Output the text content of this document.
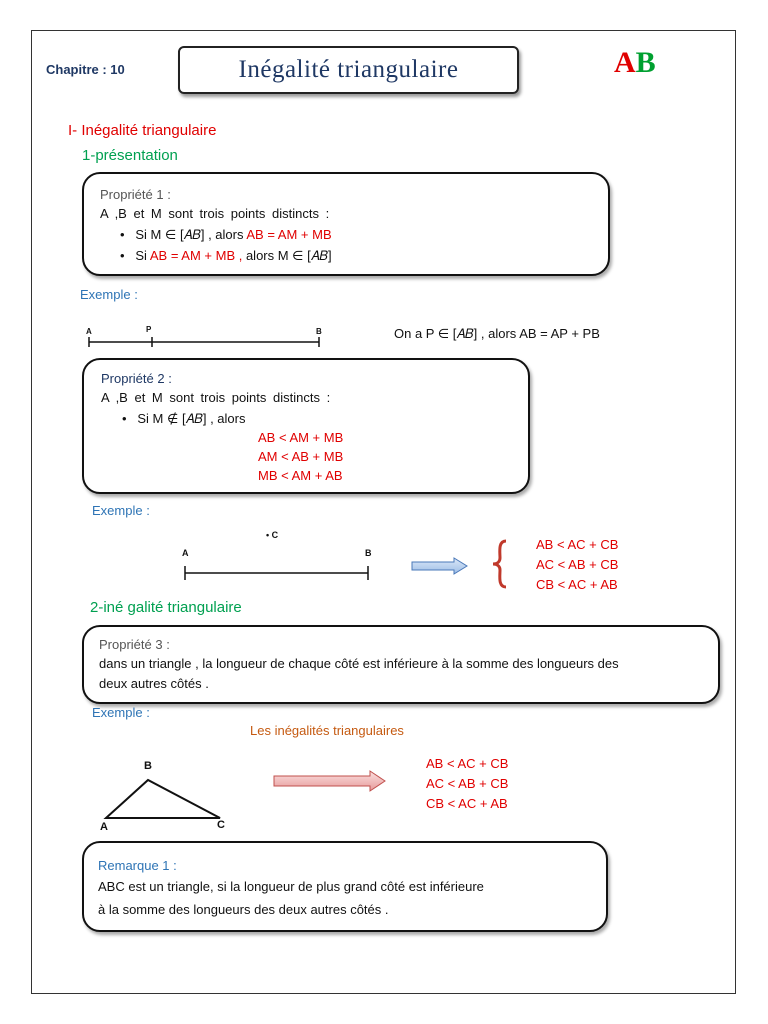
Chapitre : 10	Inégalité triangulaire	AB
I- Inégalité triangulaire
1-présentation
Propriété 1 :
A ,B et M sont trois points distincts :
•   Si M ∈ [𝐴𝐵] , alors AB = AM + MB
•   Si AB = AM + MB , alors M ∈ [𝐴𝐵]
Exemple :
A	P	B	On a P ∈ [𝐴𝐵] , alors AB = AP + PB
Propriété 2 :
A ,B et M sont trois points distincts :
•   Si M ∉ [𝐴𝐵] , alors
AB < AM + MB
AM < AB + MB
MB < AM + AB
Exemple :
A	B
• C
AB < AC + CB
AC < AB + CB
CB < AC + AB
2-iné galité triangulaire
Propriété 3 :
dans un triangle , la longueur de chaque côté est inférieure à la somme des longueurs des
deux autres côtés .
Exemple :
Les inégalités triangulaires
B
A	C
AB < AC + CB
AC < AB + CB
CB < AC + AB
Remarque 1 :
ABC est un triangle, si la longueur de plus grand côté est inférieure
à la somme des longueurs des deux autres côtés .
